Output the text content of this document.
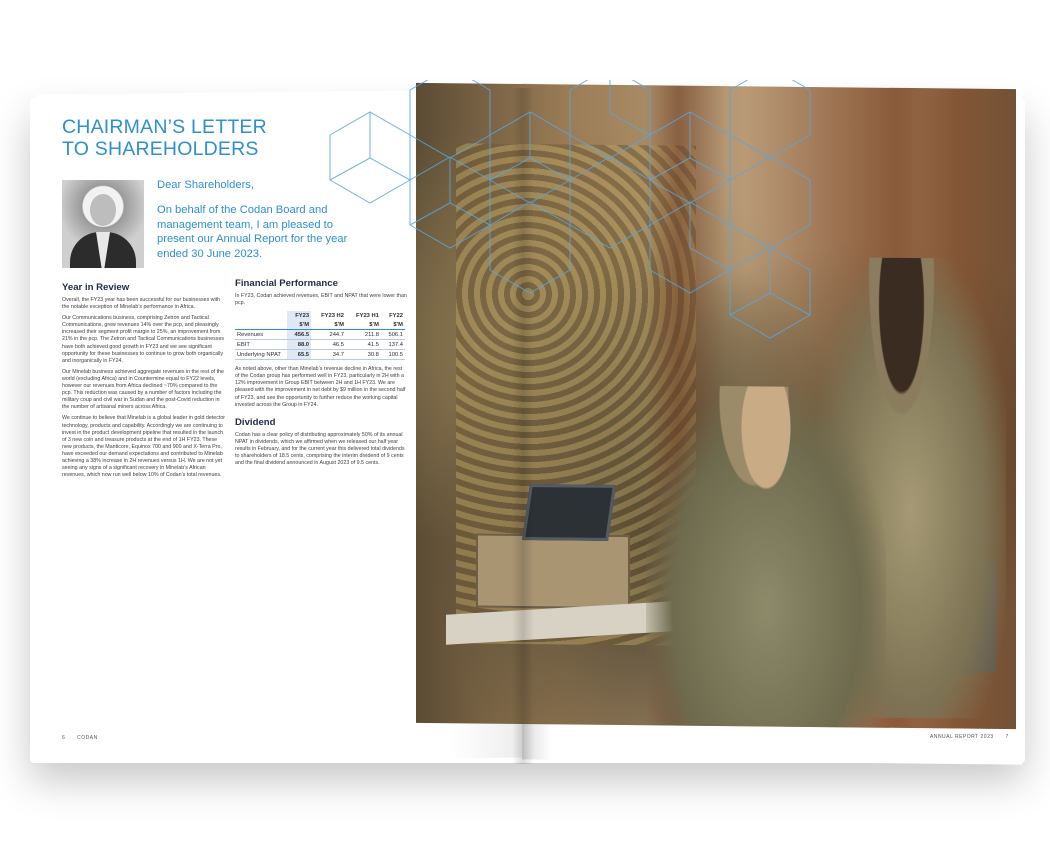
CHAIRMAN’S LETTER
TO SHAREHOLDERS

Dear Shareholders,

On behalf of the Codan Board and management team, I am pleased to present our Annual Report for the year ended 30 June 2023.

Year in Review

Overall, the FY23 year has been successful for our businesses with the notable exception of Minelab’s performance in Africa.

Our Communications business, comprising Zetron and Tactical Communications, grew revenues 14% over the pcp, and pleasingly increased their segment profit margin to 25%, an improvement from 21% in the pcp. The Zetron and Tactical Communications businesses have both achieved good growth in FY23 and we see significant opportunity for these businesses to continue to grow both organically and inorganically in FY24.

Our Minelab business achieved aggregate revenues in the rest of the world (excluding Africa) and in Countermine equal to FY22 levels, however our revenues from Africa declined ~70% compared to the pcp. This reduction was caused by a number of factors including the military coup and civil war in Sudan and the post-Covid reduction in the number of artisanal miners across Africa.

We continue to believe that Minelab is a global leader in gold detector technology, products and capability. Accordingly we are continuing to invest in the product development pipeline that resulted in the launch of 3 new coin and treasure products at the end of 1H FY23. These new products, the Manticore, Equinox 700 and 900 and X-Terra Pro, have exceeded our demand expectations and contributed to Minelab achieving a 38% increase in 2H revenues versus 1H. We are not yet seeing any signs of a significant recovery in Minelab’s African revenues, which now run well below 10% of Codan’s total revenues.

Financial Performance

In FY23, Codan achieved revenues, EBIT and NPAT that were lower than pcp.

	FY23	FY23 H2	FY23 H1	FY22
	$’M	$’M	$’M	$’M
Revenues	456.5	244.7	211.8	506.1
EBIT	88.0	46.5	41.5	137.4
Underlying NPAT	65.5	34.7	30.8	100.5

As noted above, other than Minelab’s revenue decline in Africa, the rest of the Codan group has performed well in FY23, particularly in 2H with a 12% improvement in Group EBIT between 2H and 1H FY23. We are pleased with the improvement in net debt by $9 million in the second half of FY23, and see the opportunity to further reduce the working capital invested across the Group in FY24.

Dividend

Codan has a clear policy of distributing approximately 50% of its annual NPAT in dividends, which we affirmed when we released our half year results in February, and for the current year this delivered total dividends to shareholders of 18.5 cents, comprising the interim dividend of 9 cents and the final dividend announced in August 2023 of 9.5 cents.

6 CODAN	ANNUAL REPORT 2023 7
